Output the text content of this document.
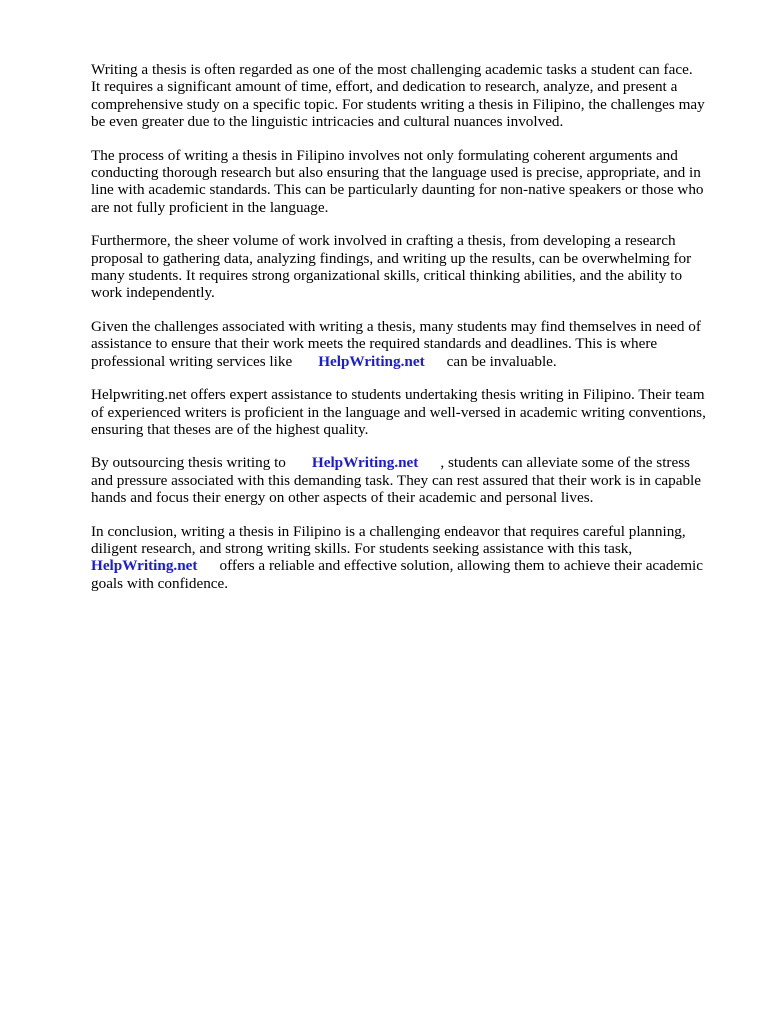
Writing a thesis is often regarded as one of the most challenging academic tasks a student can face.
It requires a significant amount of time, effort, and dedication to research, analyze, and present a
comprehensive study on a specific topic. For students writing a thesis in Filipino, the challenges may
be even greater due to the linguistic intricacies and cultural nuances involved.

The process of writing a thesis in Filipino involves not only formulating coherent arguments and
conducting thorough research but also ensuring that the language used is precise, appropriate, and in
line with academic standards. This can be particularly daunting for non-native speakers or those who
are not fully proficient in the language.

Furthermore, the sheer volume of work involved in crafting a thesis, from developing a research
proposal to gathering data, analyzing findings, and writing up the results, can be overwhelming for
many students. It requires strong organizational skills, critical thinking abilities, and the ability to
work independently.

Given the challenges associated with writing a thesis, many students may find themselves in need of
assistance to ensure that their work meets the required standards and deadlines. This is where
professional writing services like HelpWriting.net can be invaluable.

Helpwriting.net offers expert assistance to students undertaking thesis writing in Filipino. Their team
of experienced writers is proficient in the language and well-versed in academic writing conventions,
ensuring that theses are of the highest quality.

By outsourcing thesis writing to HelpWriting.net , students can alleviate some of the stress
and pressure associated with this demanding task. They can rest assured that their work is in capable
hands and focus their energy on other aspects of their academic and personal lives.

In conclusion, writing a thesis in Filipino is a challenging endeavor that requires careful planning,
diligent research, and strong writing skills. For students seeking assistance with this task,
HelpWriting.net offers a reliable and effective solution, allowing them to achieve their academic
goals with confidence.
